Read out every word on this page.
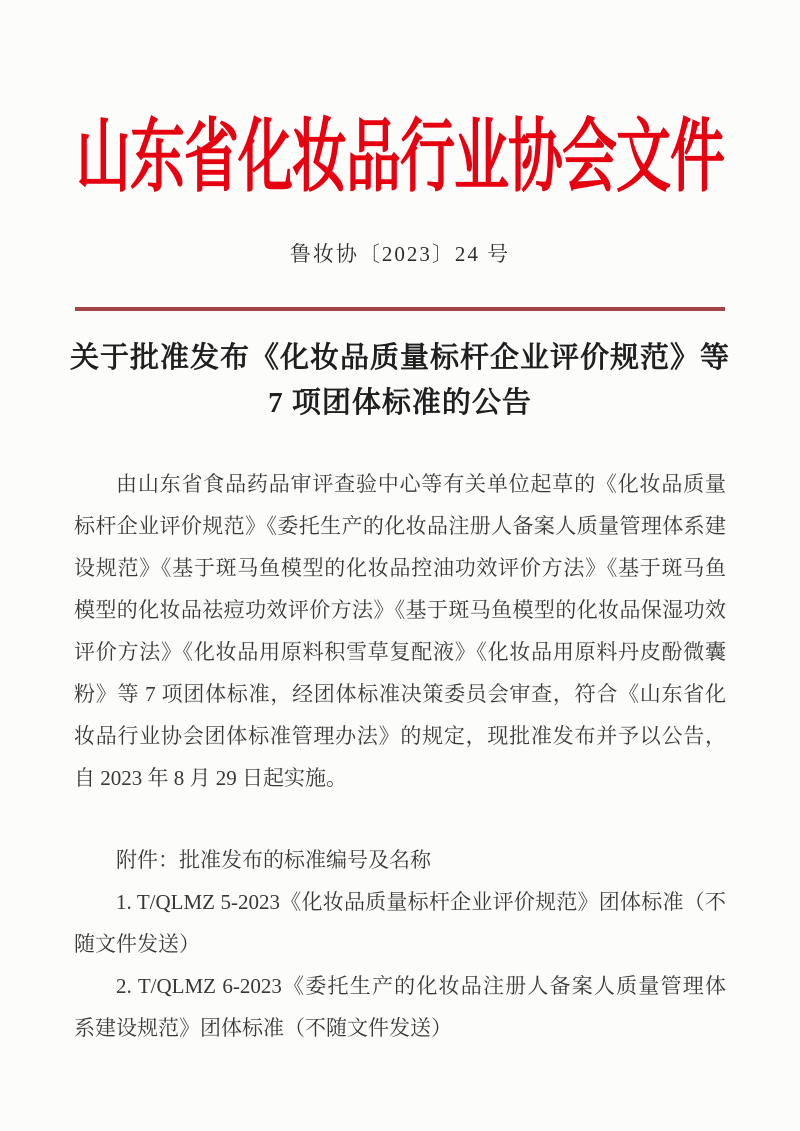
山东省化妆品行业协会文件
鲁妆协〔2023〕24 号
关于批准发布《化妆品质量标杆企业评价规范》等
7 项团体标准的公告
由山东省食品药品审评查验中心等有关单位起草的《化妆品质量
标杆企业评价规范》《委托生产的化妆品注册人备案人质量管理体系建
设规范》《基于斑马鱼模型的化妆品控油功效评价方法》《基于斑马鱼
模型的化妆品祛痘功效评价方法》《基于斑马鱼模型的化妆品保湿功效
评价方法》《化妆品用原料积雪草复配液》《化妆品用原料丹皮酚微囊
粉》等 7 项团体标准，经团体标准决策委员会审查，符合《山东省化
妆品行业协会团体标准管理办法》的规定，现批准发布并予以公告，
自 2023 年 8 月 29 日起实施。
附件：批准发布的标准编号及名称
1. T/QLMZ 5-2023《化妆品质量标杆企业评价规范》团体标准（不
随文件发送）
2. T/QLMZ 6-2023《委托生产的化妆品注册人备案人质量管理体
系建设规范》团体标准（不随文件发送）
